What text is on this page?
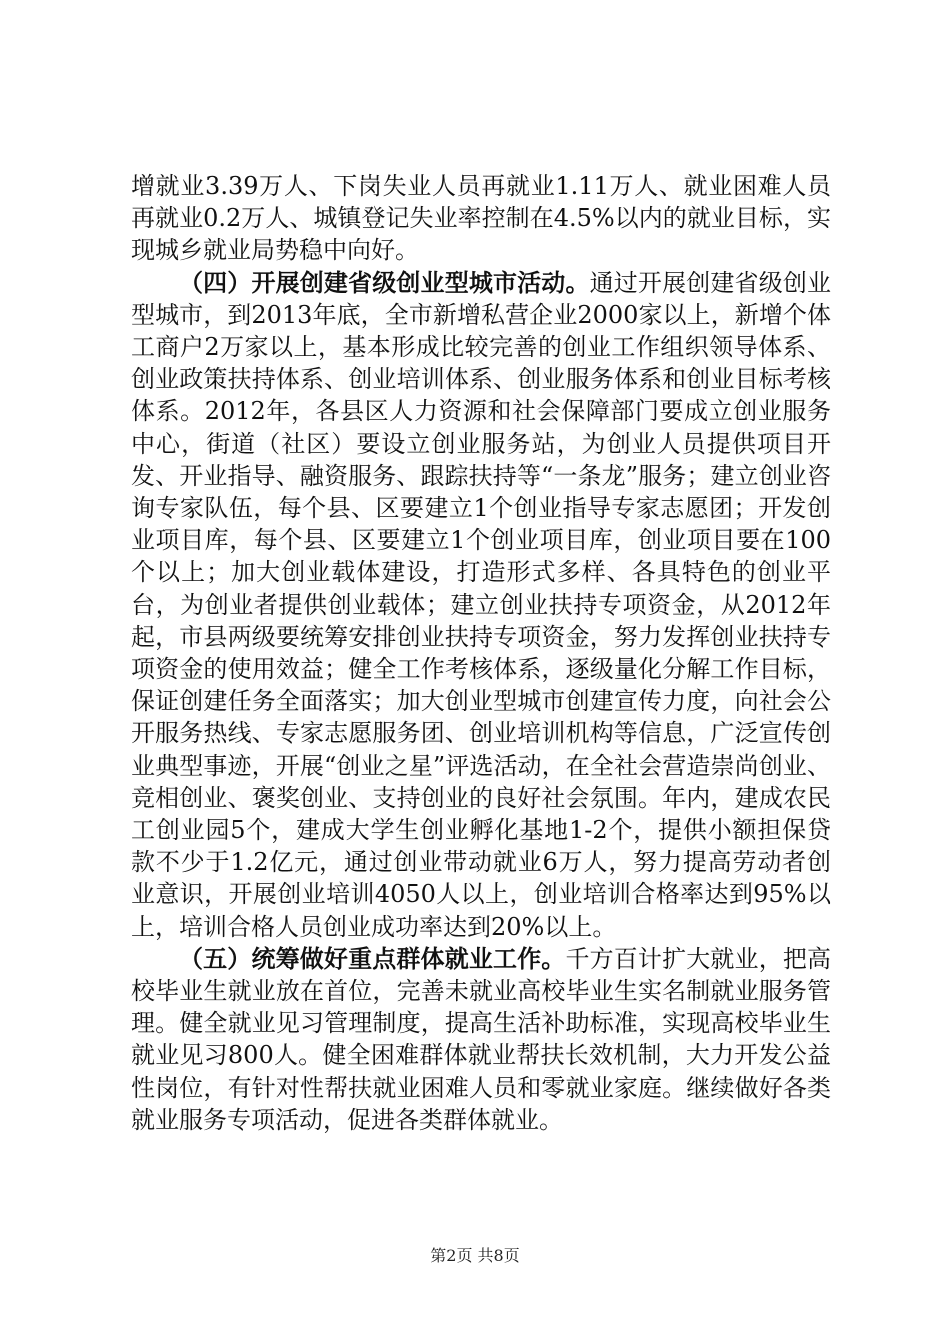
增就业3.39万人、下岗失业人员再就业1.11万人、就业困难人员再就业0.2万人、城镇登记失业率控制在4.5%以内的就业目标，实现城乡就业局势稳中向好。

（四）开展创建省级创业型城市活动。通过开展创建省级创业型城市，到2013年底，全市新增私营企业2000家以上，新增个体工商户2万家以上，基本形成比较完善的创业工作组织领导体系、创业政策扶持体系、创业培训体系、创业服务体系和创业目标考核体系。2012年，各县区人力资源和社会保障部门要成立创业服务中心，街道（社区）要设立创业服务站，为创业人员提供项目开发、开业指导、融资服务、跟踪扶持等“一条龙”服务；建立创业咨询专家队伍，每个县、区要建立1个创业指导专家志愿团；开发创业项目库，每个县、区要建立1个创业项目库，创业项目要在100个以上；加大创业载体建设，打造形式多样、各具特色的创业平台，为创业者提供创业载体；建立创业扶持专项资金，从2012年起，市县两级要统筹安排创业扶持专项资金，努力发挥创业扶持专项资金的使用效益；健全工作考核体系，逐级量化分解工作目标，保证创建任务全面落实；加大创业型城市创建宣传力度，向社会公开服务热线、专家志愿服务团、创业培训机构等信息，广泛宣传创业典型事迹，开展“创业之星”评选活动，在全社会营造崇尚创业、竞相创业、褒奖创业、支持创业的良好社会氛围。年内，建成农民工创业园5个，建成大学生创业孵化基地1-2个，提供小额担保贷款不少于1.2亿元，通过创业带动就业6万人，努力提高劳动者创业意识，开展创业培训4050人以上，创业培训合格率达到95%以上，培训合格人员创业成功率达到20%以上。

（五）统筹做好重点群体就业工作。千方百计扩大就业，把高校毕业生就业放在首位，完善未就业高校毕业生实名制就业服务管理。健全就业见习管理制度，提高生活补助标准，实现高校毕业生就业见习800人。健全困难群体就业帮扶长效机制，大力开发公益性岗位，有针对性帮扶就业困难人员和零就业家庭。继续做好各类就业服务专项活动，促进各类群体就业。

第2页 共8页
